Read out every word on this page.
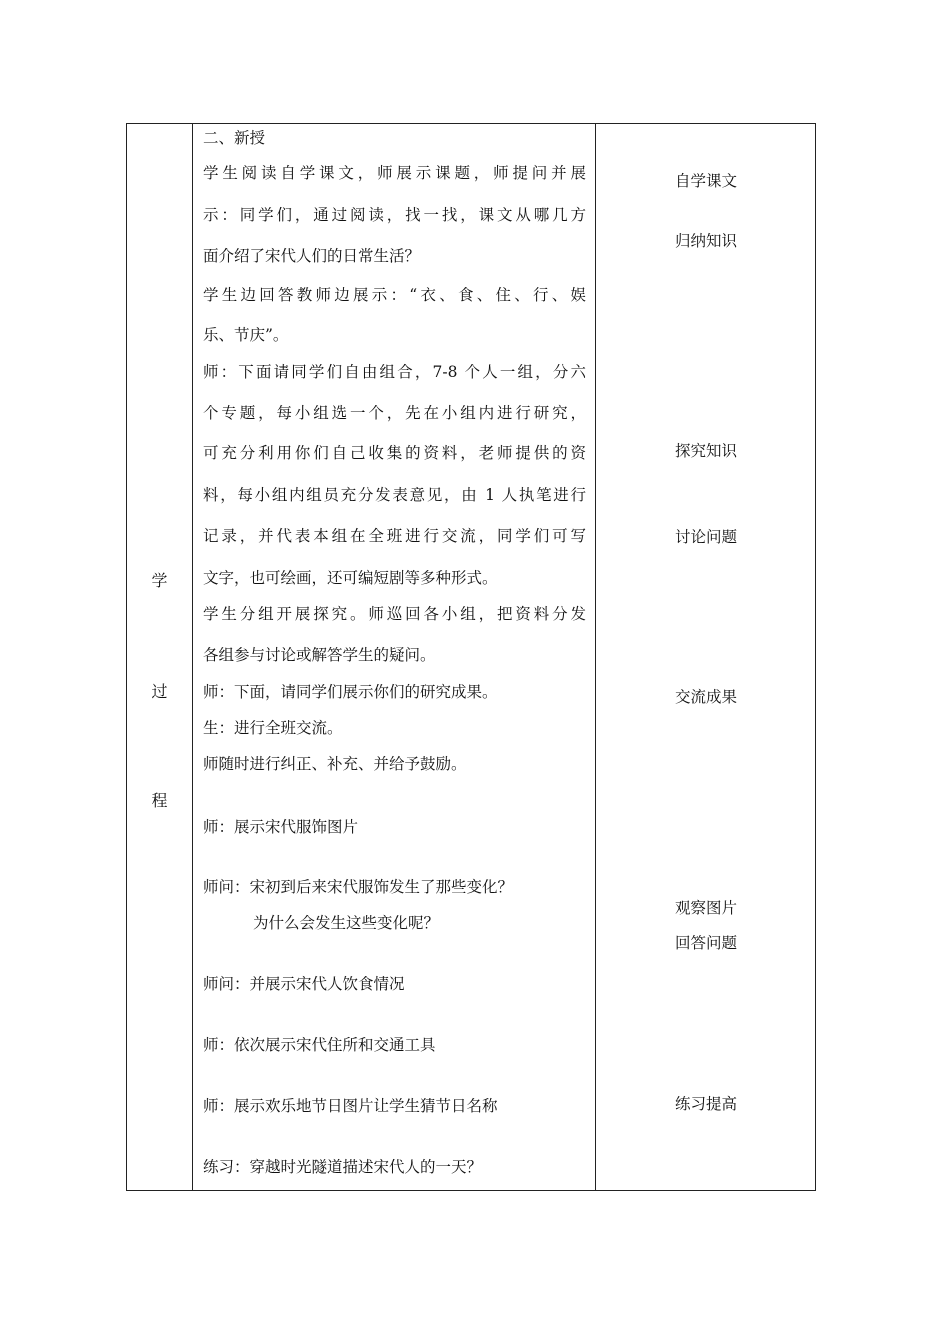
学
过
程
二、新授
学生阅读自学课文，师展示课题，师提问并展
示：同学们，通过阅读，找一找，课文从哪几方
面介绍了宋代人们的日常生活？
学生边回答教师边展示：“衣、食、住、行、娱
乐、节庆”。
师：下面请同学们自由组合，7-8 个人一组，分六
个专题，每小组选一个，先在小组内进行研究，
可充分利用你们自己收集的资料，老师提供的资
料，每小组内组员充分发表意见，由 1 人执笔进行
记录，并代表本组在全班进行交流，同学们可写
文字，也可绘画，还可编短剧等多种形式。
学生分组开展探究。师巡回各小组，把资料分发
各组参与讨论或解答学生的疑问。
师：下面，请同学们展示你们的研究成果。
生：进行全班交流。
师随时进行纠正、补充、并给予鼓励。
师：展示宋代服饰图片
师问：宋初到后来宋代服饰发生了那些变化？
为什么会发生这些变化呢？
师问：并展示宋代人饮食情况
师：依次展示宋代住所和交通工具
师：展示欢乐地节日图片让学生猜节日名称
练习：穿越时光隧道描述宋代人的一天？
自学课文
归纳知识
探究知识
讨论问题
交流成果
观察图片
回答问题
练习提高
